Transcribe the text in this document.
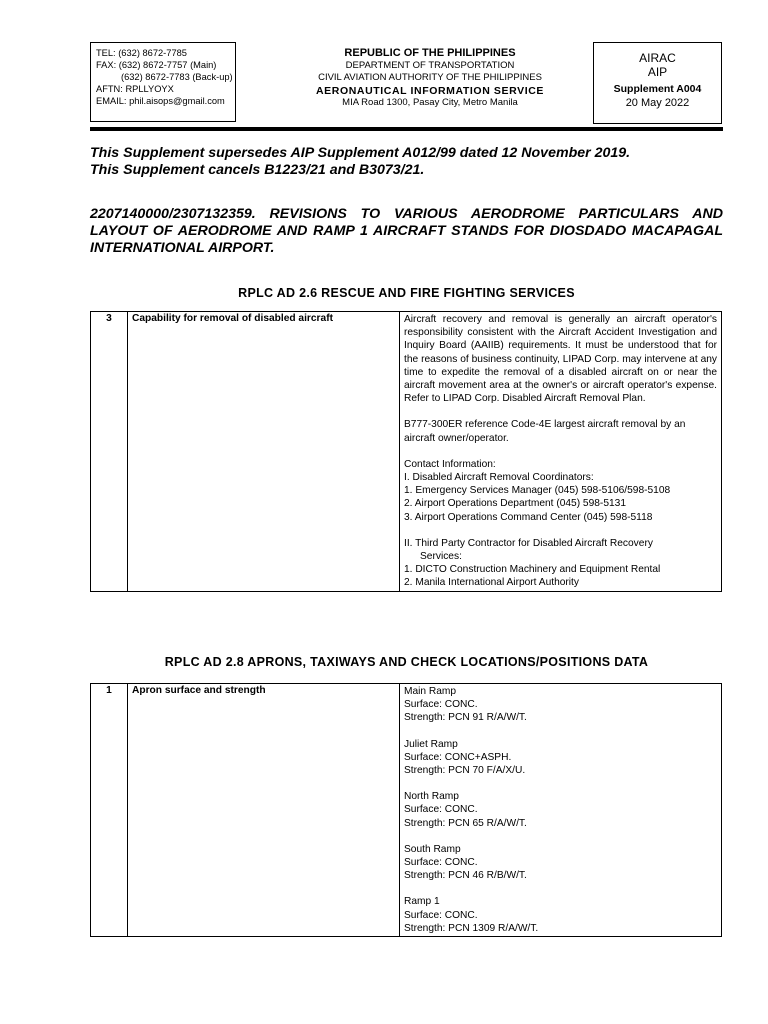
TEL: (632) 8672-7785
FAX: (632) 8672-7757 (Main)
(632) 8672-7783 (Back-up)
AFTN: RPLLYOYX
EMAIL: phil.aisops@gmail.com
REPUBLIC OF THE PHILIPPINES
DEPARTMENT OF TRANSPORTATION
CIVIL AVIATION AUTHORITY OF THE PHILIPPINES
AERONAUTICAL INFORMATION SERVICE
MIA Road 1300, Pasay City, Metro Manila
AIRAC
AIP
Supplement A004
20 May 2022
This Supplement supersedes AIP Supplement A012/99 dated 12 November 2019.
This Supplement cancels B1223/21 and B3073/21.
2207140000/2307132359. REVISIONS TO VARIOUS AERODROME PARTICULARS AND LAYOUT OF AERODROME AND RAMP 1 AIRCRAFT STANDS FOR DIOSDADO MACAPAGAL INTERNATIONAL AIRPORT.
RPLC AD 2.6 RESCUE AND FIRE FIGHTING SERVICES
3	Capability for removal of disabled aircraft	Aircraft recovery and removal is generally an aircraft operator's responsibility consistent with the Aircraft Accident Investigation and Inquiry Board (AAIIB) requirements. It must be understood that for the reasons of business continuity, LIPAD Corp. may intervene at any time to expedite the removal of a disabled aircraft on or near the aircraft movement area at the owner's or aircraft operator's expense. Refer to LIPAD Corp. Disabled Aircraft Removal Plan.
B777-300ER reference Code-4E largest aircraft removal by an aircraft owner/operator.
Contact Information:
I. Disabled Aircraft Removal Coordinators:
1. Emergency Services Manager (045) 598-5106/598-5108
2. Airport Operations Department (045) 598-5131
3. Airport Operations Command Center (045) 598-5118
II. Third Party Contractor for Disabled Aircraft Recovery
Services:
1. DICTO Construction Machinery and Equipment Rental
2. Manila International Airport Authority
RPLC AD 2.8 APRONS, TAXIWAYS AND CHECK LOCATIONS/POSITIONS DATA
1	Apron surface and strength	Main Ramp
Surface: CONC.
Strength: PCN 91 R/A/W/T.
Juliet Ramp
Surface: CONC+ASPH.
Strength: PCN 70 F/A/X/U.
North Ramp
Surface: CONC.
Strength: PCN 65 R/A/W/T.
South Ramp
Surface: CONC.
Strength: PCN 46 R/B/W/T.
Ramp 1
Surface: CONC.
Strength: PCN 1309 R/A/W/T.
